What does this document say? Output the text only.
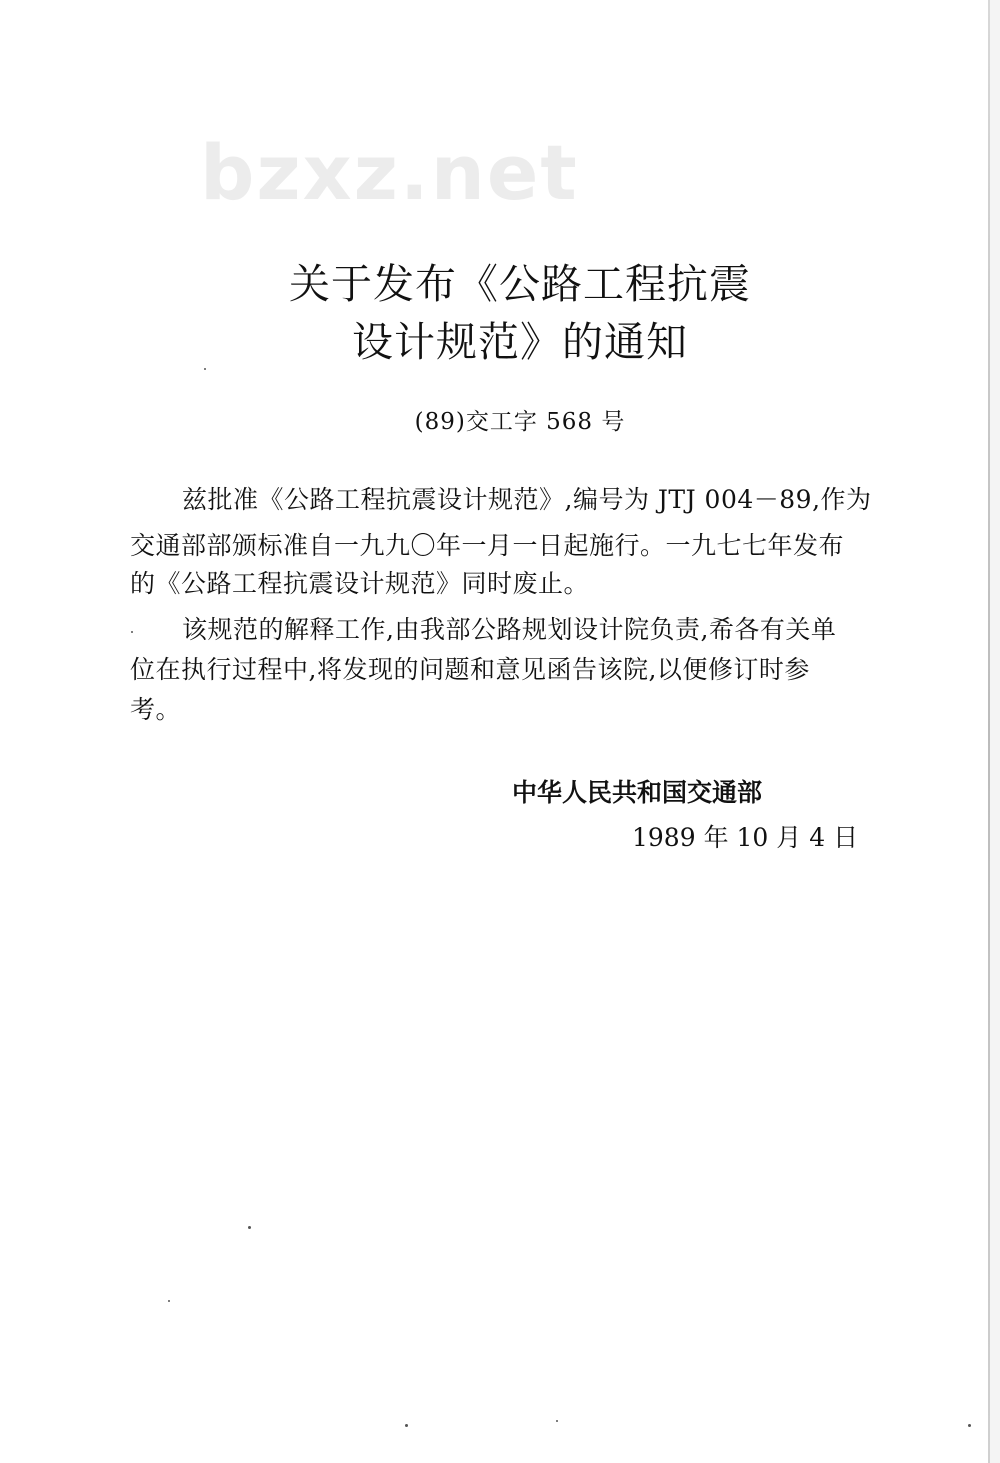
bzxz.net
关于发布《公路工程抗震
设计规范》的通知
(89)交工字 568 号
兹批准《公路工程抗震设计规范》,编号为 JTJ 004－89,作为
交通部部颁标准自一九九〇年一月一日起施行。一九七七年发布
的《公路工程抗震设计规范》同时废止。
该规范的解释工作,由我部公路规划设计院负责,希各有关单
位在执行过程中,将发现的问题和意见函告该院,以便修订时参
考。
中华人民共和国交通部
1989 年 10 月 4 日
